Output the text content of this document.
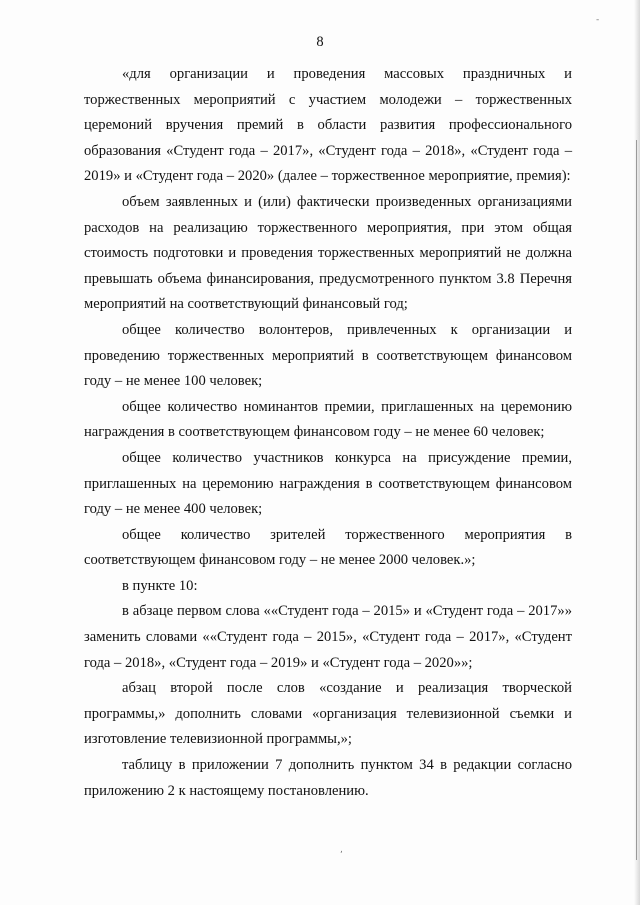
8

«для организации и проведения массовых праздничных и торжественных мероприятий с участием молодежи – торжественных церемоний вручения премий в области развития профессионального образования «Студент года – 2017», «Студент года – 2018», «Студент года – 2019» и «Студент года – 2020» (далее – торжественное мероприятие, премия):

объем заявленных и (или) фактически произведенных организациями расходов на реализацию торжественного мероприятия, при этом общая стоимость подготовки и проведения торжественных мероприятий не должна превышать объема финансирования, предусмотренного пунктом 3.8 Перечня мероприятий на соответствующий финансовый год;

общее количество волонтеров, привлеченных к организации и проведению торжественных мероприятий в соответствующем финансовом году – не менее 100 человек;

общее количество номинантов премии, приглашенных на церемонию награждения в соответствующем финансовом году – не менее 60 человек;

общее количество участников конкурса на присуждение премии, приглашенных на церемонию награждения в соответствующем финансовом году – не менее 400 человек;

общее количество зрителей торжественного мероприятия в соответствующем финансовом году – не менее 2000 человек.»;

в пункте 10:

в абзаце первом слова ««Студент года – 2015» и «Студент года – 2017»» заменить словами ««Студент года – 2015», «Студент года – 2017», «Студент года – 2018», «Студент года – 2019» и «Студент года – 2020»»;

абзац второй после слов «создание и реализация творческой программы,» дополнить словами «организация телевизионной съемки и изготовление телевизионной программы,»;

таблицу в приложении 7 дополнить пунктом 34 в редакции согласно приложению 2 к настоящему постановлению.

-
,
